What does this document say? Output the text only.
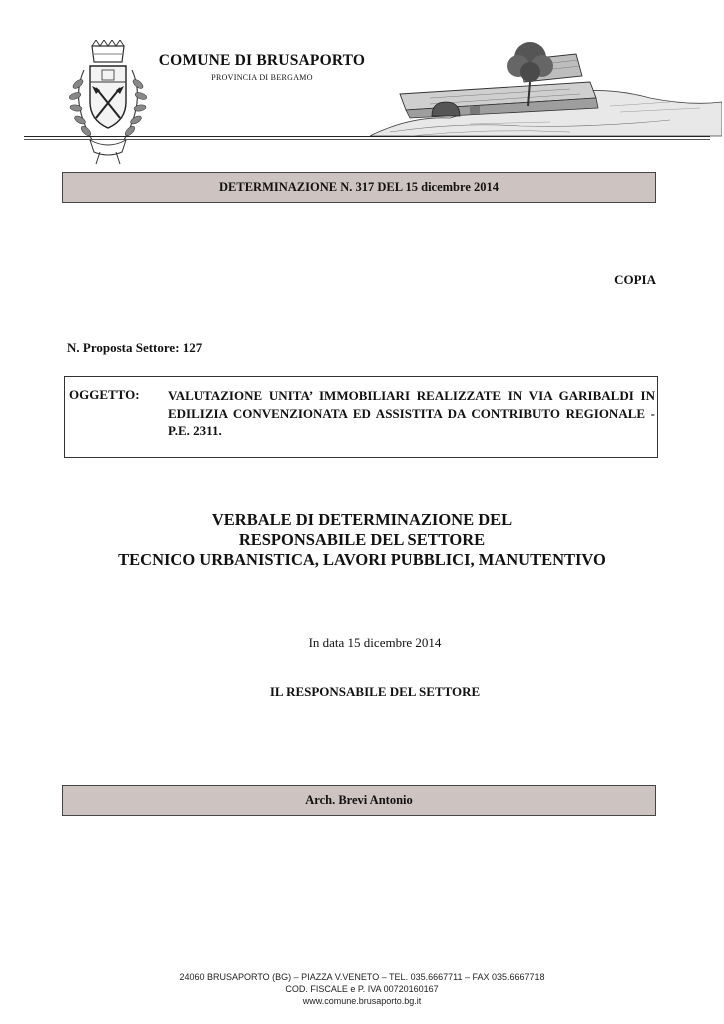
COMUNE DI BRUSAPORTO
PROVINCIA DI BERGAMO
DETERMINAZIONE N. 317 DEL 15 dicembre 2014
COPIA
N. Proposta Settore: 127
OGGETTO: VALUTAZIONE UNITA’ IMMOBILIARI REALIZZATE IN VIA GARIBALDI IN EDILIZIA CONVENZIONATA ED ASSISTITA DA CONTRIBUTO REGIONALE - P.E. 2311.
VERBALE DI DETERMINAZIONE DEL
RESPONSABILE DEL SETTORE
TECNICO URBANISTICA, LAVORI PUBBLICI, MANUTENTIVO
In data 15 dicembre 2014
IL RESPONSABILE DEL SETTORE
Arch. Brevi Antonio
24060 BRUSAPORTO (BG) – PIAZZA V.VENETO – TEL. 035.6667711 – FAX 035.6667718
COD. FISCALE e P. IVA 00720160167
www.comune.brusaporto.bg.it
